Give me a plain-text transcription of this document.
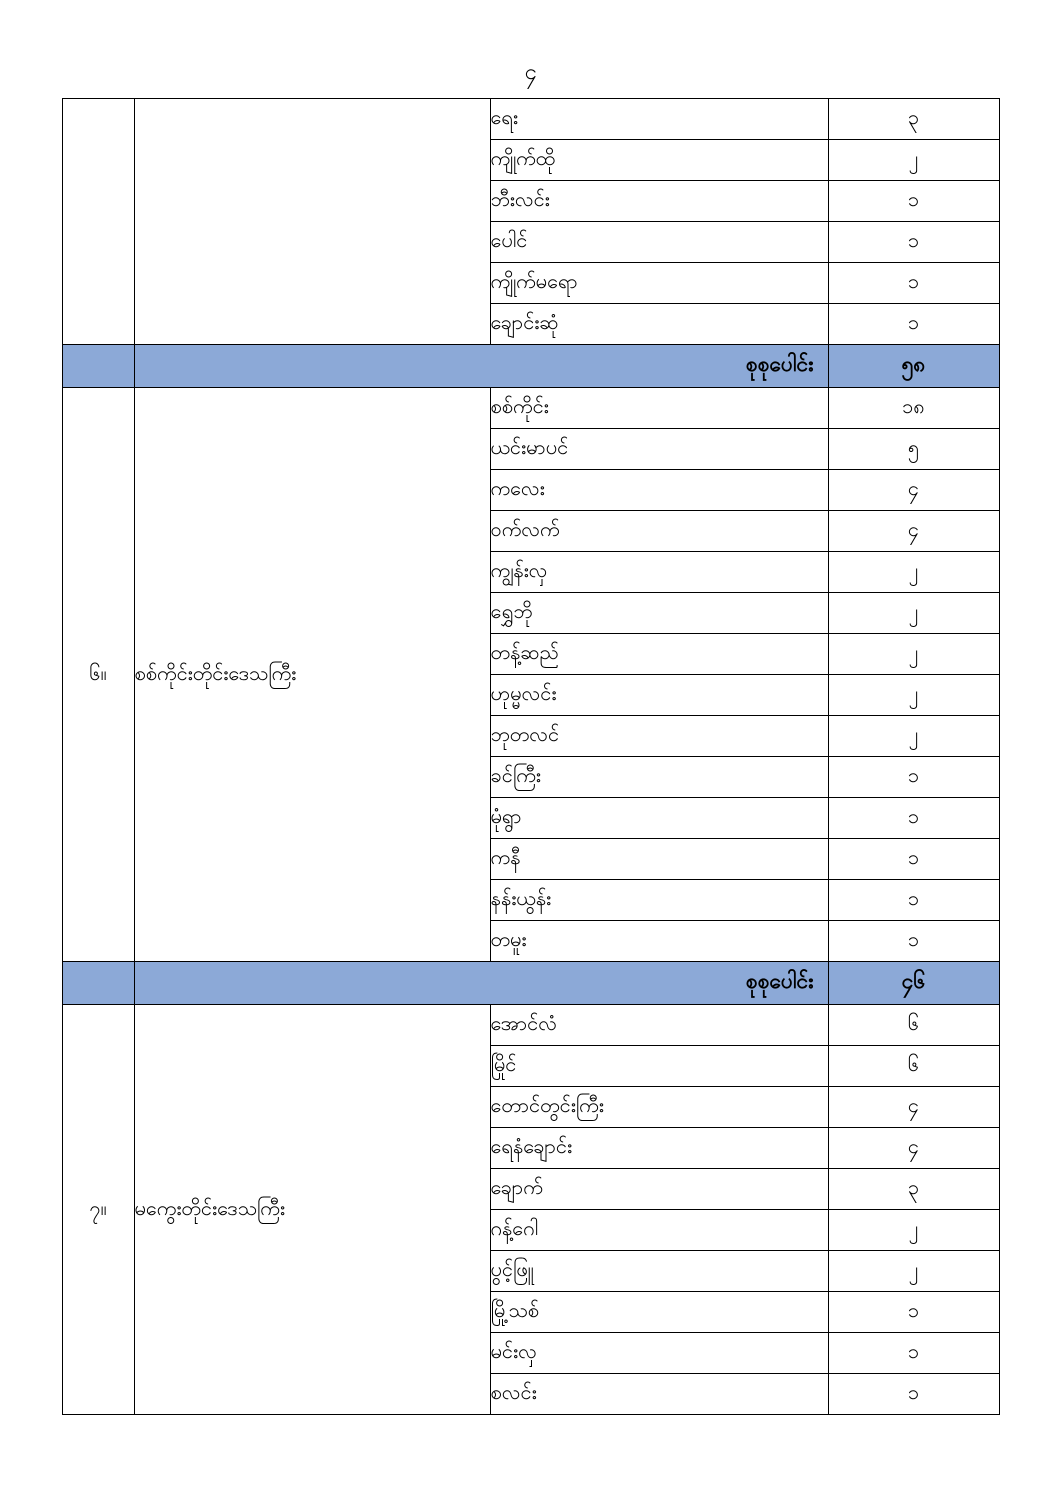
၄
		ရေး	၃
		ကျိုက်ထို	၂
		ဘီးလင်း	၁
		ပေါင်	၁
		ကျိုက်မရော	၁
		ချောင်းဆုံ	၁
	စုစုပေါင်း		၅၈
၆။	စစ်ကိုင်းတိုင်းဒေသကြီး	စစ်ကိုင်း	၁၈
		ယင်းမာပင်	၅
		ကလေး	၄
		ဝက်လက်	၄
		ကျွန်းလှ	၂
		ရွှေဘို	၂
		တန့်ဆည်	၂
		ဟုမ္မလင်း	၂
		ဘုတလင်	၂
		ခင်ကြီး	၁
		မုံရွာ	၁
		ကနီ	၁
		နန်းယွန်း	၁
		တမူး	၁
	စုစုပေါင်း		၄၆
၇။	မကွေးတိုင်းဒေသကြီး	အောင်လံ	၆
		မြိုင်	၆
		တောင်တွင်းကြီး	၄
		ရေနံချောင်း	၄
		ချောက်	၃
		ဂန့်ဂေါ	၂
		ပွင့်ဖြူ	၂
		မြို့သစ်	၁
		မင်းလှ	၁
		စလင်း	၁
